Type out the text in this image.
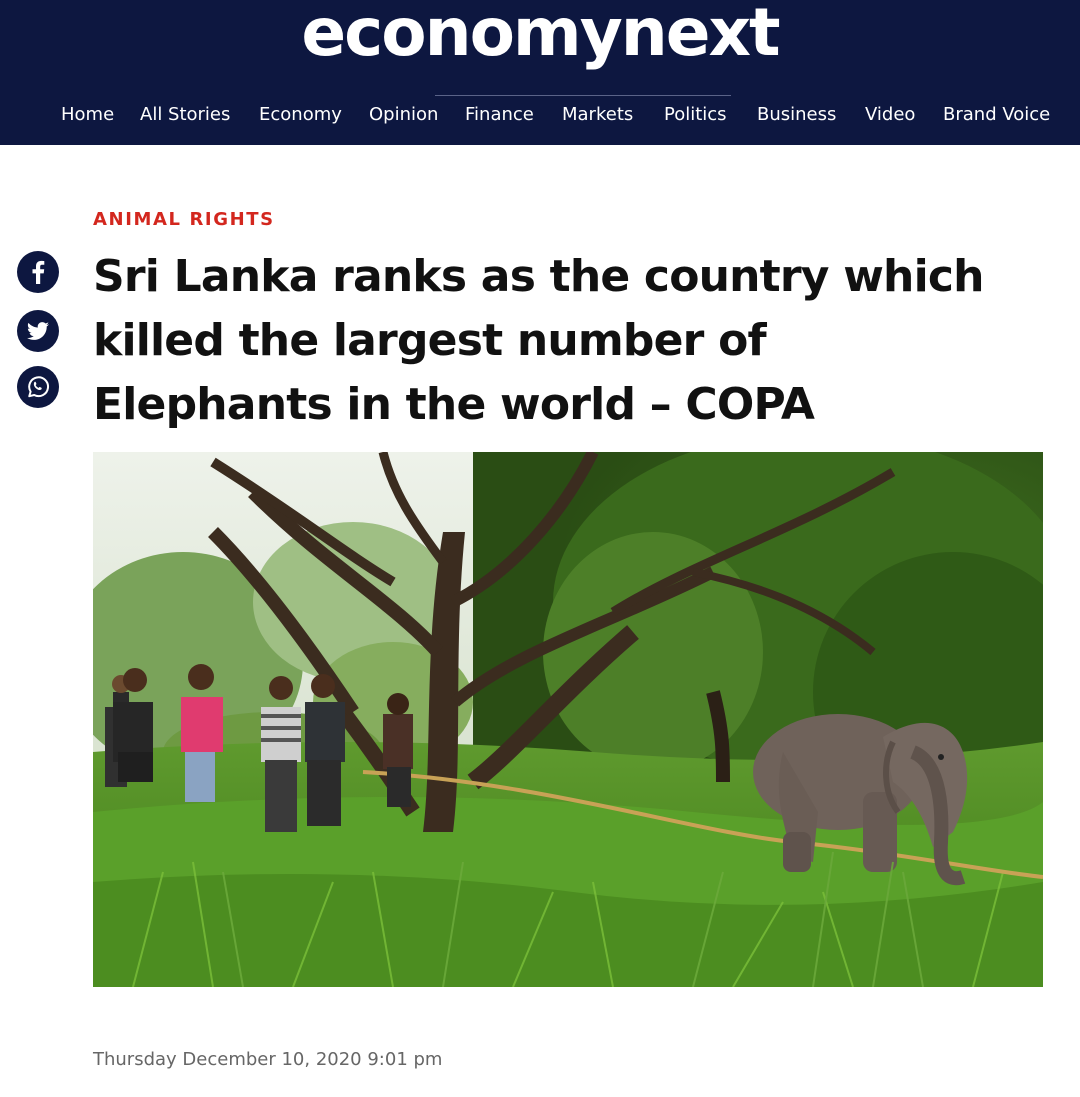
economynext
Home All Stories Economy Opinion Finance Markets Politics Business Video Brand Voice
ANIMAL RIGHTS
Sri Lanka ranks as the country which
killed the largest number of
Elephants in the world – COPA
Thursday December 10, 2020 9:01 pm
